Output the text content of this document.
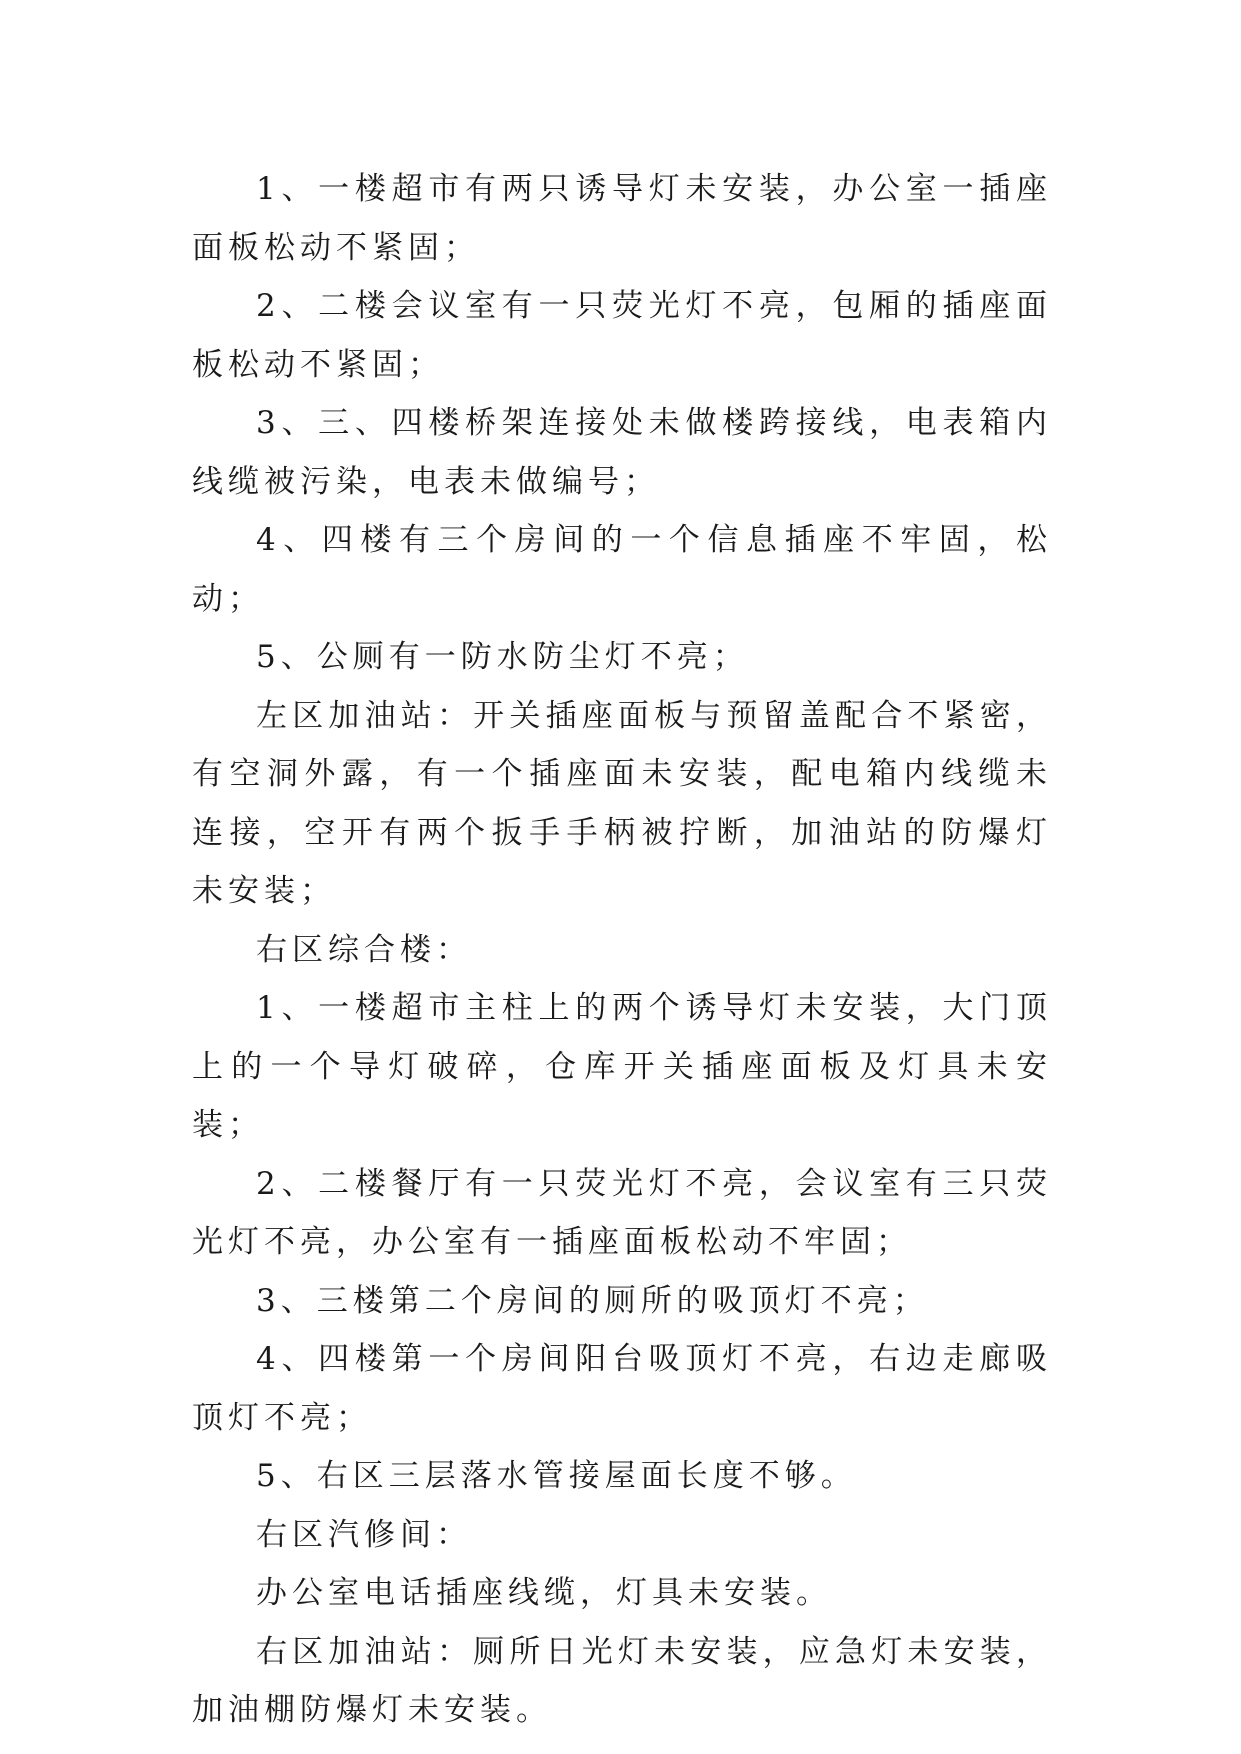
1、一楼超市有两只诱导灯未安装，办公室一插座面板松动不紧固；

2、二楼会议室有一只荧光灯不亮，包厢的插座面板松动不紧固；

3、三、四楼桥架连接处未做楼跨接线，电表箱内线缆被污染，电表未做编号；

4、四楼有三个房间的一个信息插座不牢固，松动；

5、公厕有一防水防尘灯不亮；

左区加油站：开关插座面板与预留盖配合不紧密，有空洞外露，有一个插座面未安装，配电箱内线缆未连接，空开有两个扳手手柄被拧断，加油站的防爆灯未安装；

右区综合楼：

1、一楼超市主柱上的两个诱导灯未安装，大门顶上的一个导灯破碎，仓库开关插座面板及灯具未安装；

2、二楼餐厅有一只荧光灯不亮，会议室有三只荧光灯不亮，办公室有一插座面板松动不牢固；

3、三楼第二个房间的厕所的吸顶灯不亮；

4、四楼第一个房间阳台吸顶灯不亮，右边走廊吸顶灯不亮；

5、右区三层落水管接屋面长度不够。

右区汽修间：

办公室电话插座线缆，灯具未安装。

右区加油站：厕所日光灯未安装，应急灯未安装，加油棚防爆灯未安装。
